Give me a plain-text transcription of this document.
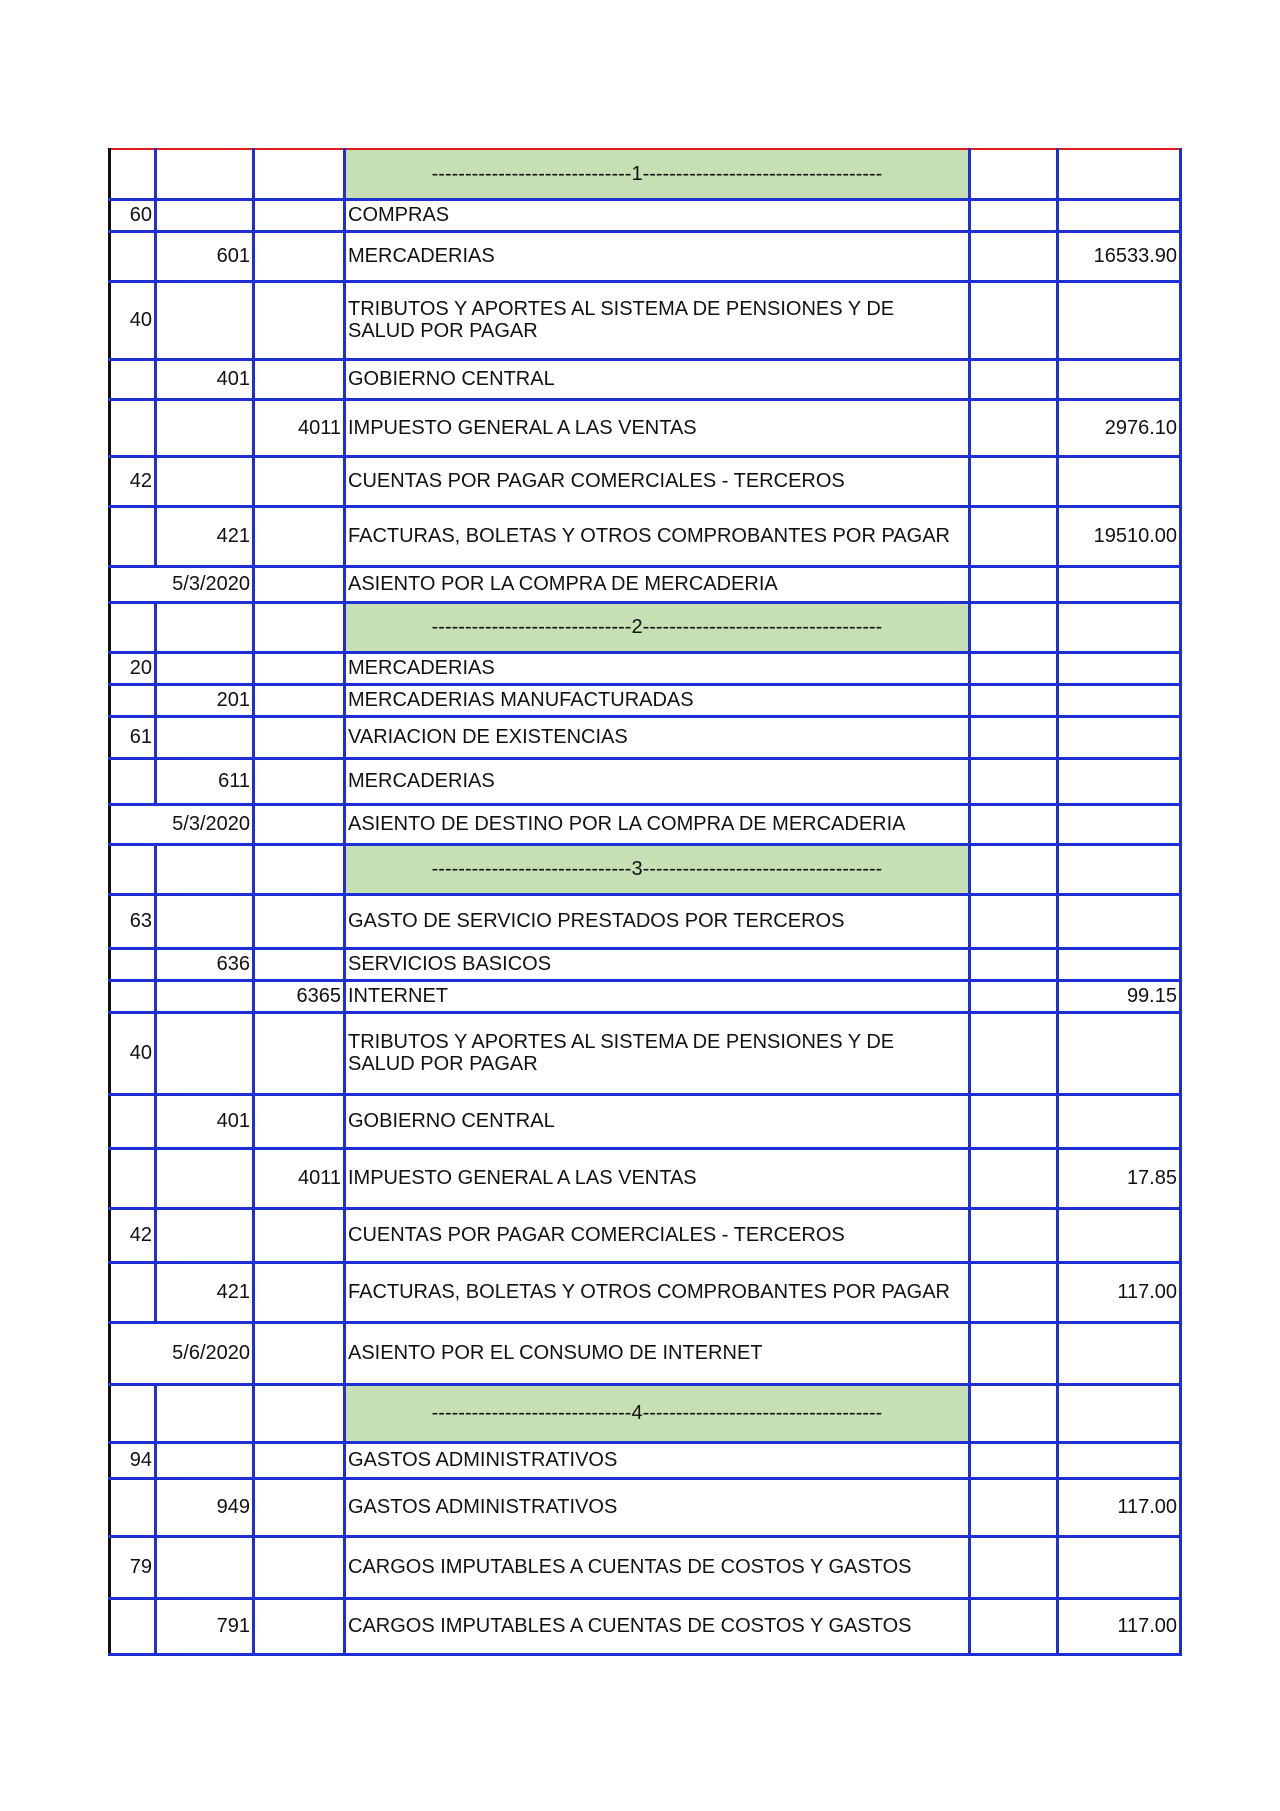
			------------------------------1------------------------------------		
60			COMPRAS		
	601		MERCADERIAS		16533.90
40			TRIBUTOS Y APORTES AL SISTEMA DE PENSIONES Y DE SALUD POR PAGAR		
	401		GOBIERNO CENTRAL		
		4011	IMPUESTO GENERAL A LAS VENTAS		2976.10
42			CUENTAS POR PAGAR COMERCIALES - TERCEROS		
	421		FACTURAS, BOLETAS Y OTROS COMPROBANTES POR PAGAR		19510.00
5/3/2020			ASIENTO POR LA COMPRA DE MERCADERIA		
			------------------------------2------------------------------------		
20			MERCADERIAS		
	201		MERCADERIAS MANUFACTURADAS		
61			VARIACION DE EXISTENCIAS		
	611		MERCADERIAS		
5/3/2020			ASIENTO DE DESTINO POR LA COMPRA DE MERCADERIA		
			------------------------------3------------------------------------		
63			GASTO DE SERVICIO PRESTADOS POR TERCEROS		
	636		SERVICIOS BASICOS		
		6365	INTERNET		99.15
40			TRIBUTOS Y APORTES AL SISTEMA DE PENSIONES Y DE SALUD POR PAGAR		
	401		GOBIERNO CENTRAL		
		4011	IMPUESTO GENERAL A LAS VENTAS		17.85
42			CUENTAS POR PAGAR COMERCIALES - TERCEROS		
	421		FACTURAS, BOLETAS Y OTROS COMPROBANTES POR PAGAR		117.00
5/6/2020			ASIENTO POR EL CONSUMO DE INTERNET		
			------------------------------4------------------------------------		
94			GASTOS ADMINISTRATIVOS		
	949		GASTOS ADMINISTRATIVOS		117.00
79			CARGOS IMPUTABLES A CUENTAS DE COSTOS Y GASTOS		
	791		CARGOS IMPUTABLES A CUENTAS DE COSTOS Y GASTOS		117.00
